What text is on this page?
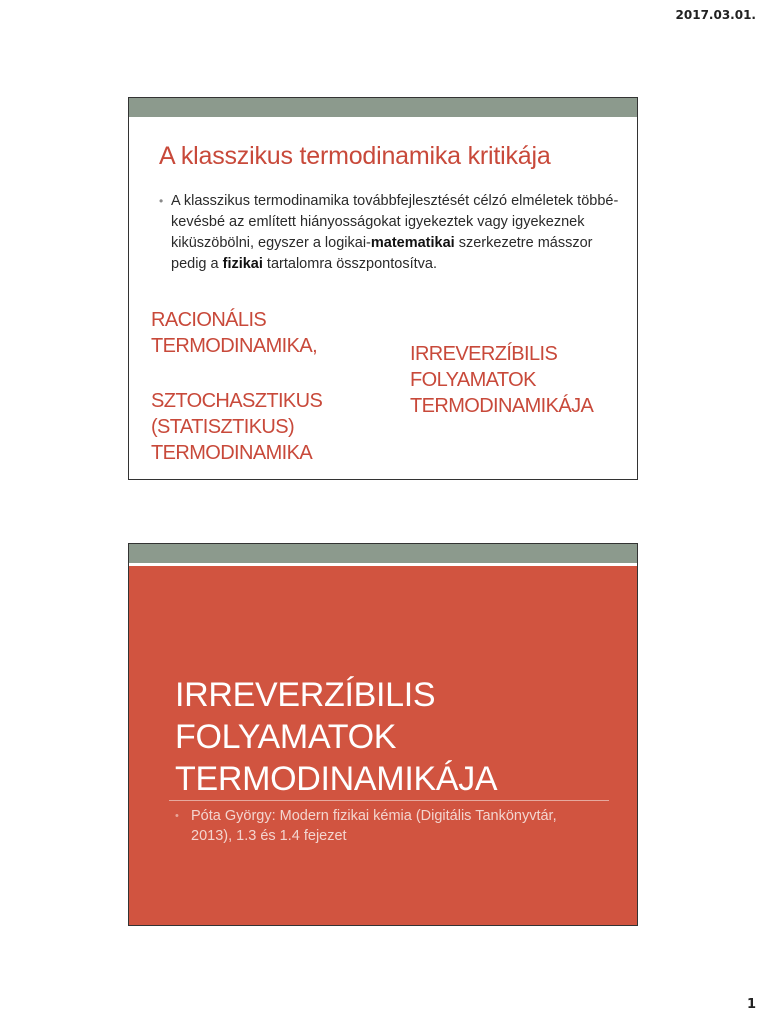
2017.03.01.
A klasszikus termodinamika kritikája
• A klasszikus termodinamika továbbfejlesztését célzó elméletek többé-kevésbé az említett hiányosságokat igyekeztek vagy igyekeznek kiküszöbölni, egyszer a logikai-matematikai szerkezetre másszor pedig a fizikai tartalomra összpontosítva.
RACIONÁLIS
TERMODINAMIKA,
SZTOCHASZTIKUS
(STATISZTIKUS)
TERMODINAMIKA
IRREVERZÍBILIS
FOLYAMATOK
TERMODINAMIKÁJA
IRREVERZÍBILIS
FOLYAMATOK
TERMODINAMIKÁJA
• Póta György: Modern fizikai kémia (Digitális Tankönyvtár, 2013), 1.3 és 1.4 fejezet
1
